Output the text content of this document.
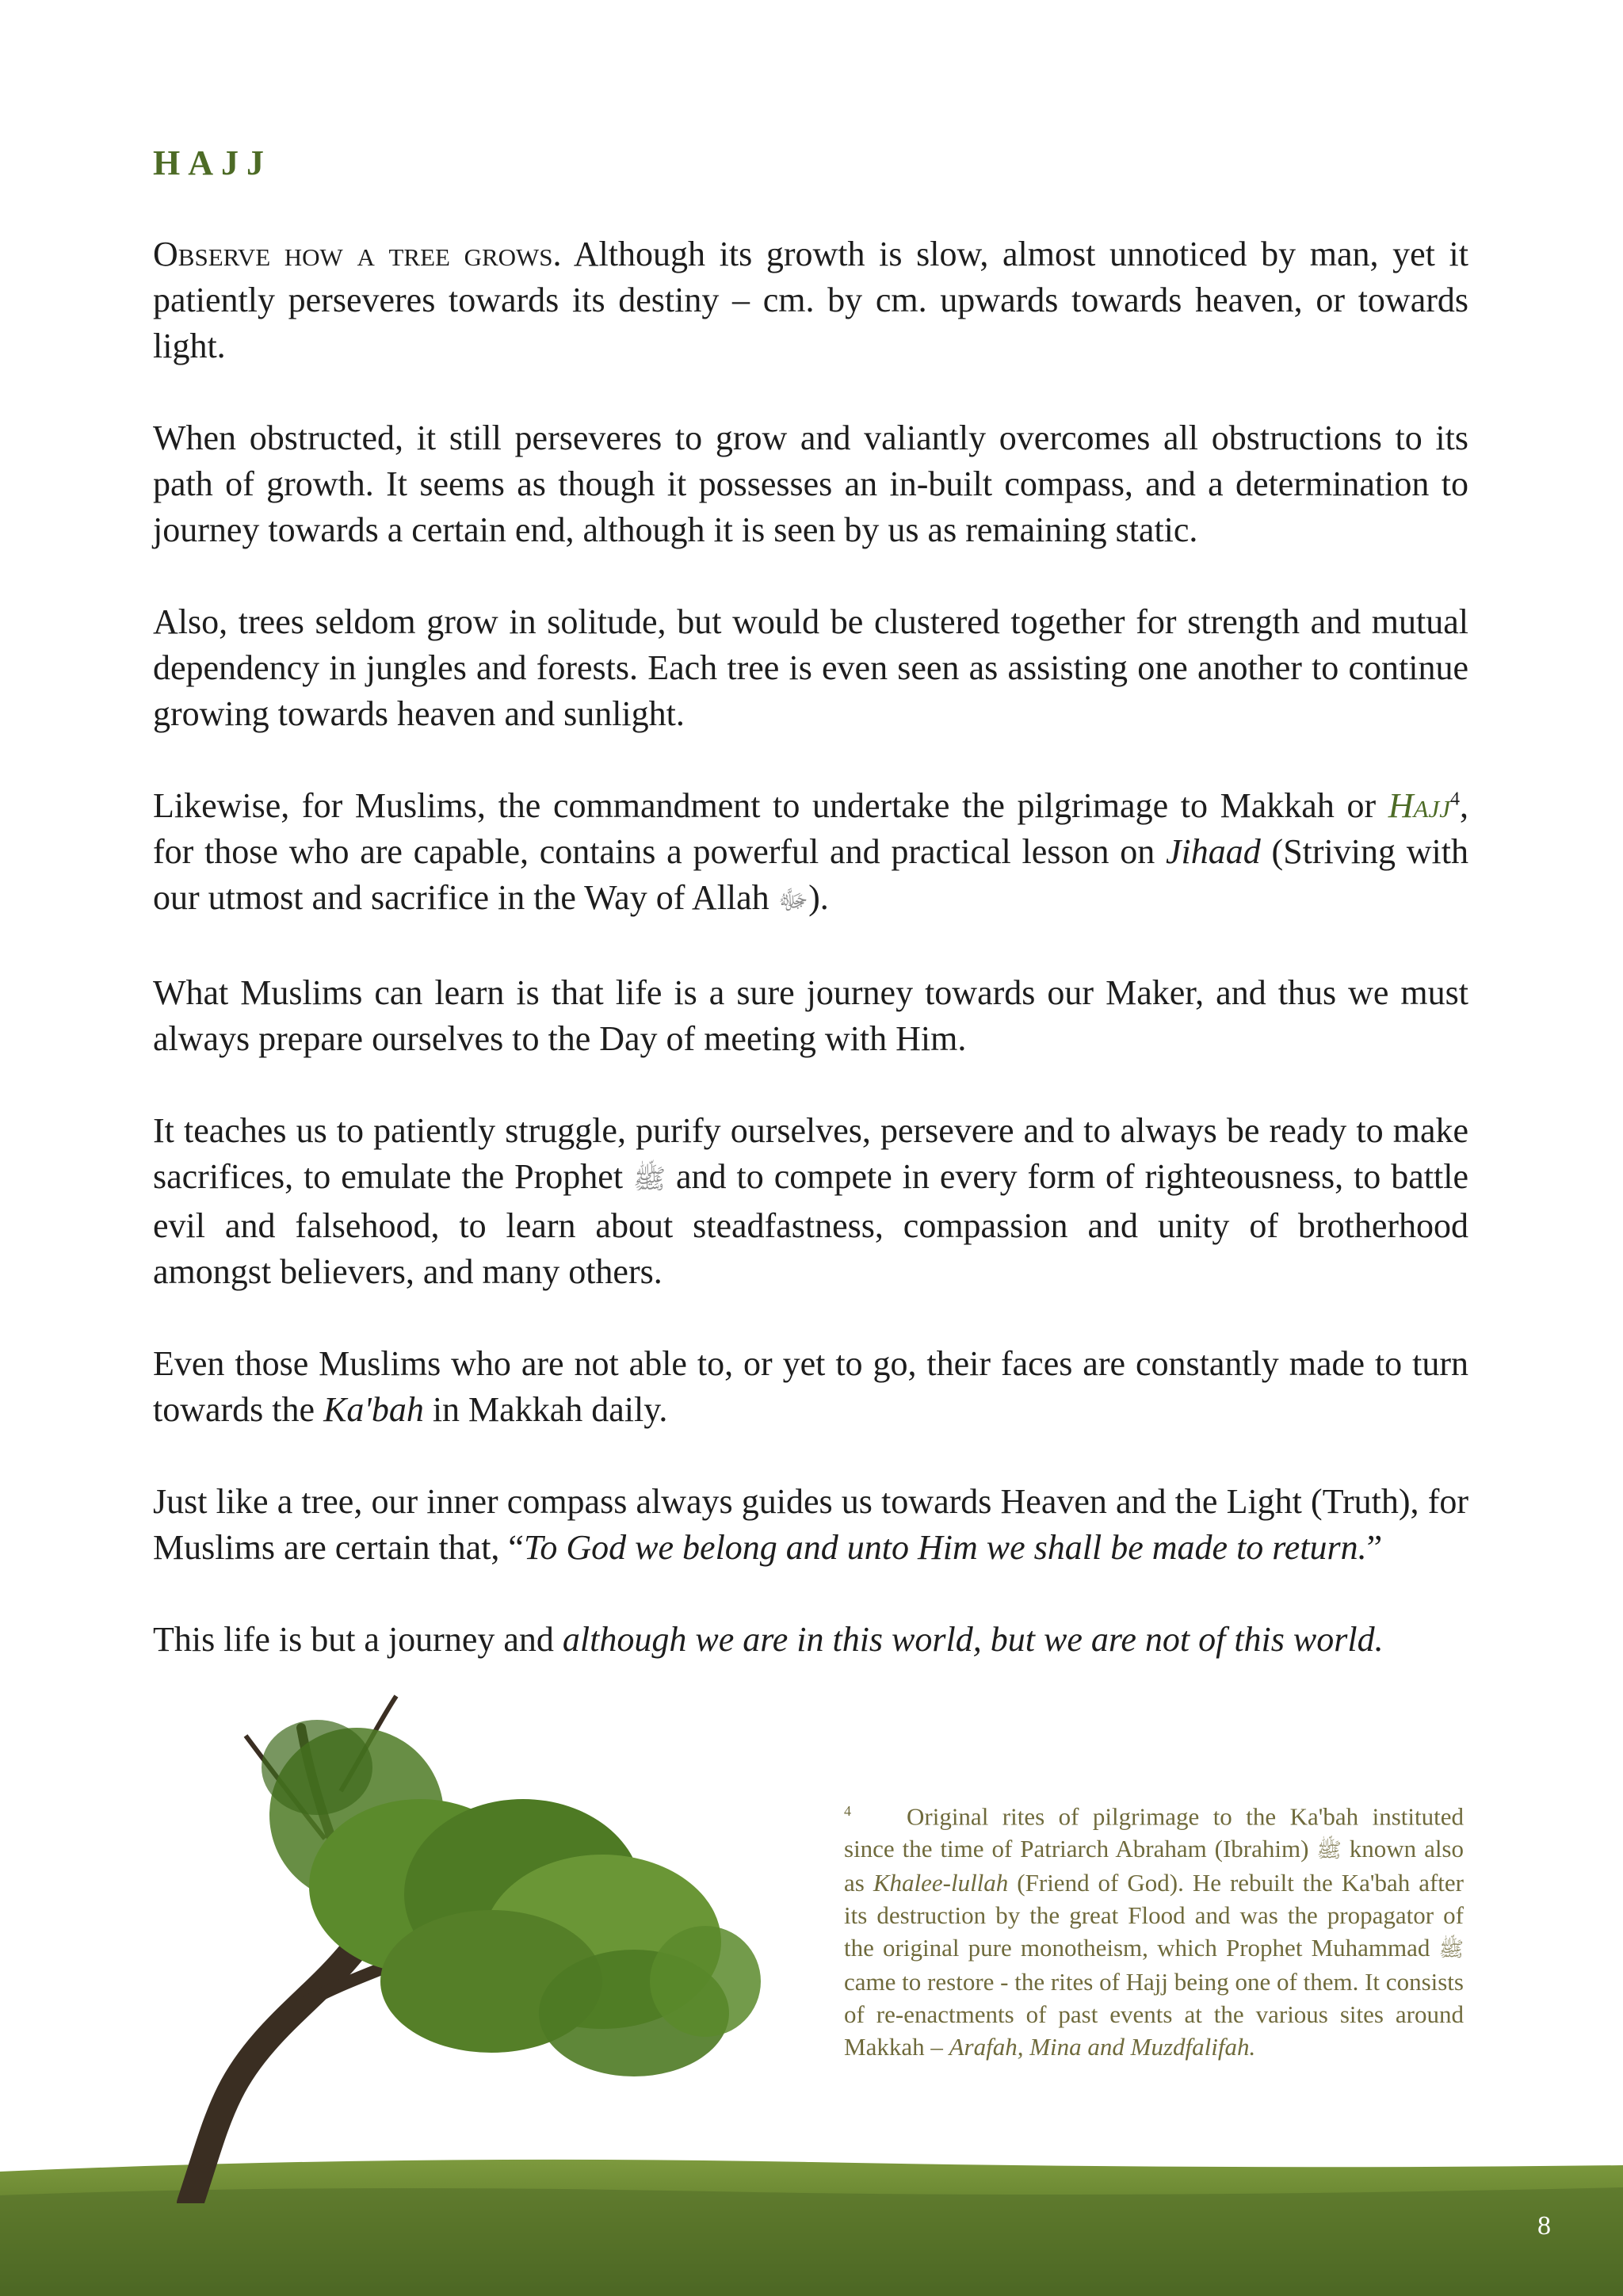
HAJJ

Observe how a tree grows. Although its growth is slow, almost unnoticed by man, yet it patiently perseveres towards its destiny – cm. by cm. upwards towards heaven, or towards light.

When obstructed, it still perseveres to grow and valiantly overcomes all obstructions to its path of growth. It seems as though it possesses an in-built compass, and a determination to journey towards a certain end, although it is seen by us as remaining static.

Also, trees seldom grow in solitude, but would be clustered together for strength and mutual dependency in jungles and forests. Each tree is even seen as assisting one another to continue growing towards heaven and sunlight.

Likewise, for Muslims, the commandment to undertake the pilgrimage to Makkah or Hajj$^4$, for those who are capable, contains a powerful and practical lesson on Jihaad (Striving with our utmost and sacrifice in the Way of Allah ﷻ).

What Muslims can learn is that life is a sure journey towards our Maker, and thus we must always prepare ourselves to the Day of meeting with Him.

It teaches us to patiently struggle, purify ourselves, persevere and to always be ready to make sacrifices, to emulate the Prophet ﷺ and to compete in every form of righteousness, to battle evil and falsehood, to learn about steadfastness, compassion and unity of brotherhood amongst believers, and many others.

Even those Muslims who are not able to, or yet to go, their faces are constantly made to turn towards the Ka'bah in Makkah daily.

Just like a tree, our inner compass always guides us towards Heaven and the Light (Truth), for Muslims are certain that, “To God we belong and unto Him we shall be made to return.”

This life is but a journey and although we are in this world, but we are not of this world.

$^4$ Original rites of pilgrimage to the Ka'bah instituted since the time of Patriarch Abraham (Ibrahim) ﷺ known also as Khalee-lullah (Friend of God). He rebuilt the Ka'bah after its destruction by the great Flood and was the propagator of the original pure monotheism, which Prophet Muhammad ﷺ came to restore - the rites of Hajj being one of them. It consists of re-enactments of past events at the various sites around Makkah – Arafah, Mina and Muzdfalifah.
8
